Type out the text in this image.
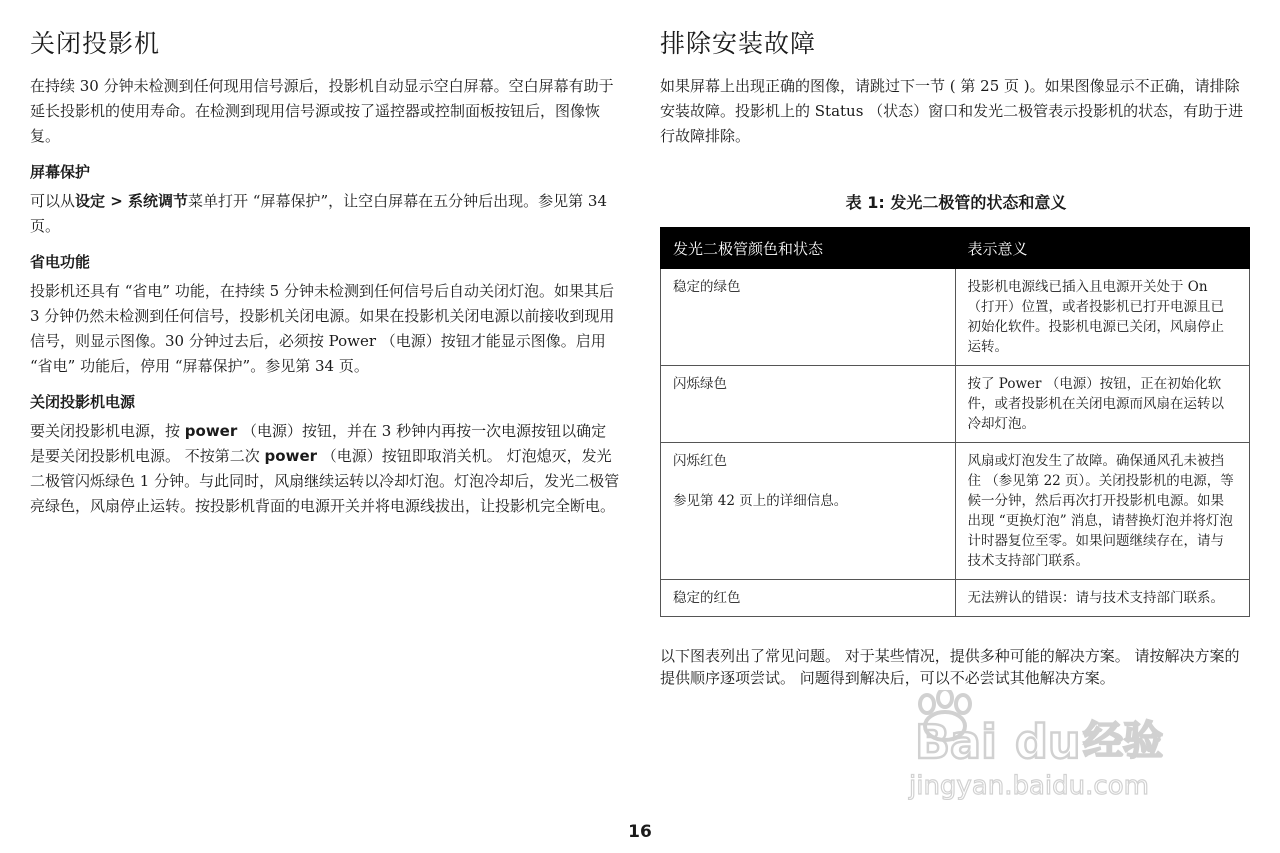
关闭投影机

在持续 30 分钟未检测到任何现用信号源后，投影机自动显示空白屏幕。空白屏幕有助于延长投影机的使用寿命。在检测到现用信号源或按了遥控器或控制面板按钮后，图像恢复。

屏幕保护

可以从设定 > 系统调节菜单打开 “屏幕保护”，让空白屏幕在五分钟后出现。参见第 34 页。

省电功能

投影机还具有 “省电” 功能，在持续 5 分钟未检测到任何信号后自动关闭灯泡。如果其后 3 分钟仍然未检测到任何信号，投影机关闭电源。如果在投影机关闭电源以前接收到现用信号，则显示图像。30 分钟过去后，必须按 Power （电源）按钮才能显示图像。启用 “省电” 功能后，停用 “屏幕保护”。参见第 34 页。

关闭投影机电源

要关闭投影机电源，按 power （电源）按钮，并在 3 秒钟内再按一次电源按钮以确定是要关闭投影机电源。 不按第二次 power （电源）按钮即取消关机。 灯泡熄灭，发光二极管闪烁绿色 1 分钟。与此同时，风扇继续运转以冷却灯泡。灯泡冷却后，发光二极管亮绿色，风扇停止运转。按投影机背面的电源开关并将电源线拔出，让投影机完全断电。

排除安装故障

如果屏幕上出现正确的图像，请跳过下一节 ( 第 25 页 )。如果图像显示不正确，请排除安装故障。投影机上的 Status （状态）窗口和发光二极管表示投影机的状态，有助于进行故障排除。

表 1: 发光二极管的状态和意义
发光二极管颜色和状态	表示意义
稳定的绿色	投影机电源线已插入且电源开关处于 On （打开）位置，或者投影机已打开电源且已初始化软件。投影机电源已关闭，风扇停止运转。
闪烁绿色	按了 Power （电源）按钮，正在初始化软件，或者投影机在关闭电源而风扇在运转以冷却灯泡。
闪烁红色
参见第 42 页上的详细信息。	风扇或灯泡发生了故障。确保通风孔未被挡住 （参见第 22 页）。关闭投影机的电源，等候一分钟，然后再次打开投影机电源。如果出现 “更换灯泡” 消息，请替换灯泡并将灯泡计时器复位至零。如果问题继续存在，请与技术支持部门联系。
稳定的红色	无法辨认的错误：请与技术支持部门联系。

以下图表列出了常见问题。 对于某些情况，提供多种可能的解决方案。 请按解决方案的提供顺序逐项尝试。 问题得到解决后，可以不必尝试其他解决方案。

Bai du 经验
jingyan.baidu.com
16
